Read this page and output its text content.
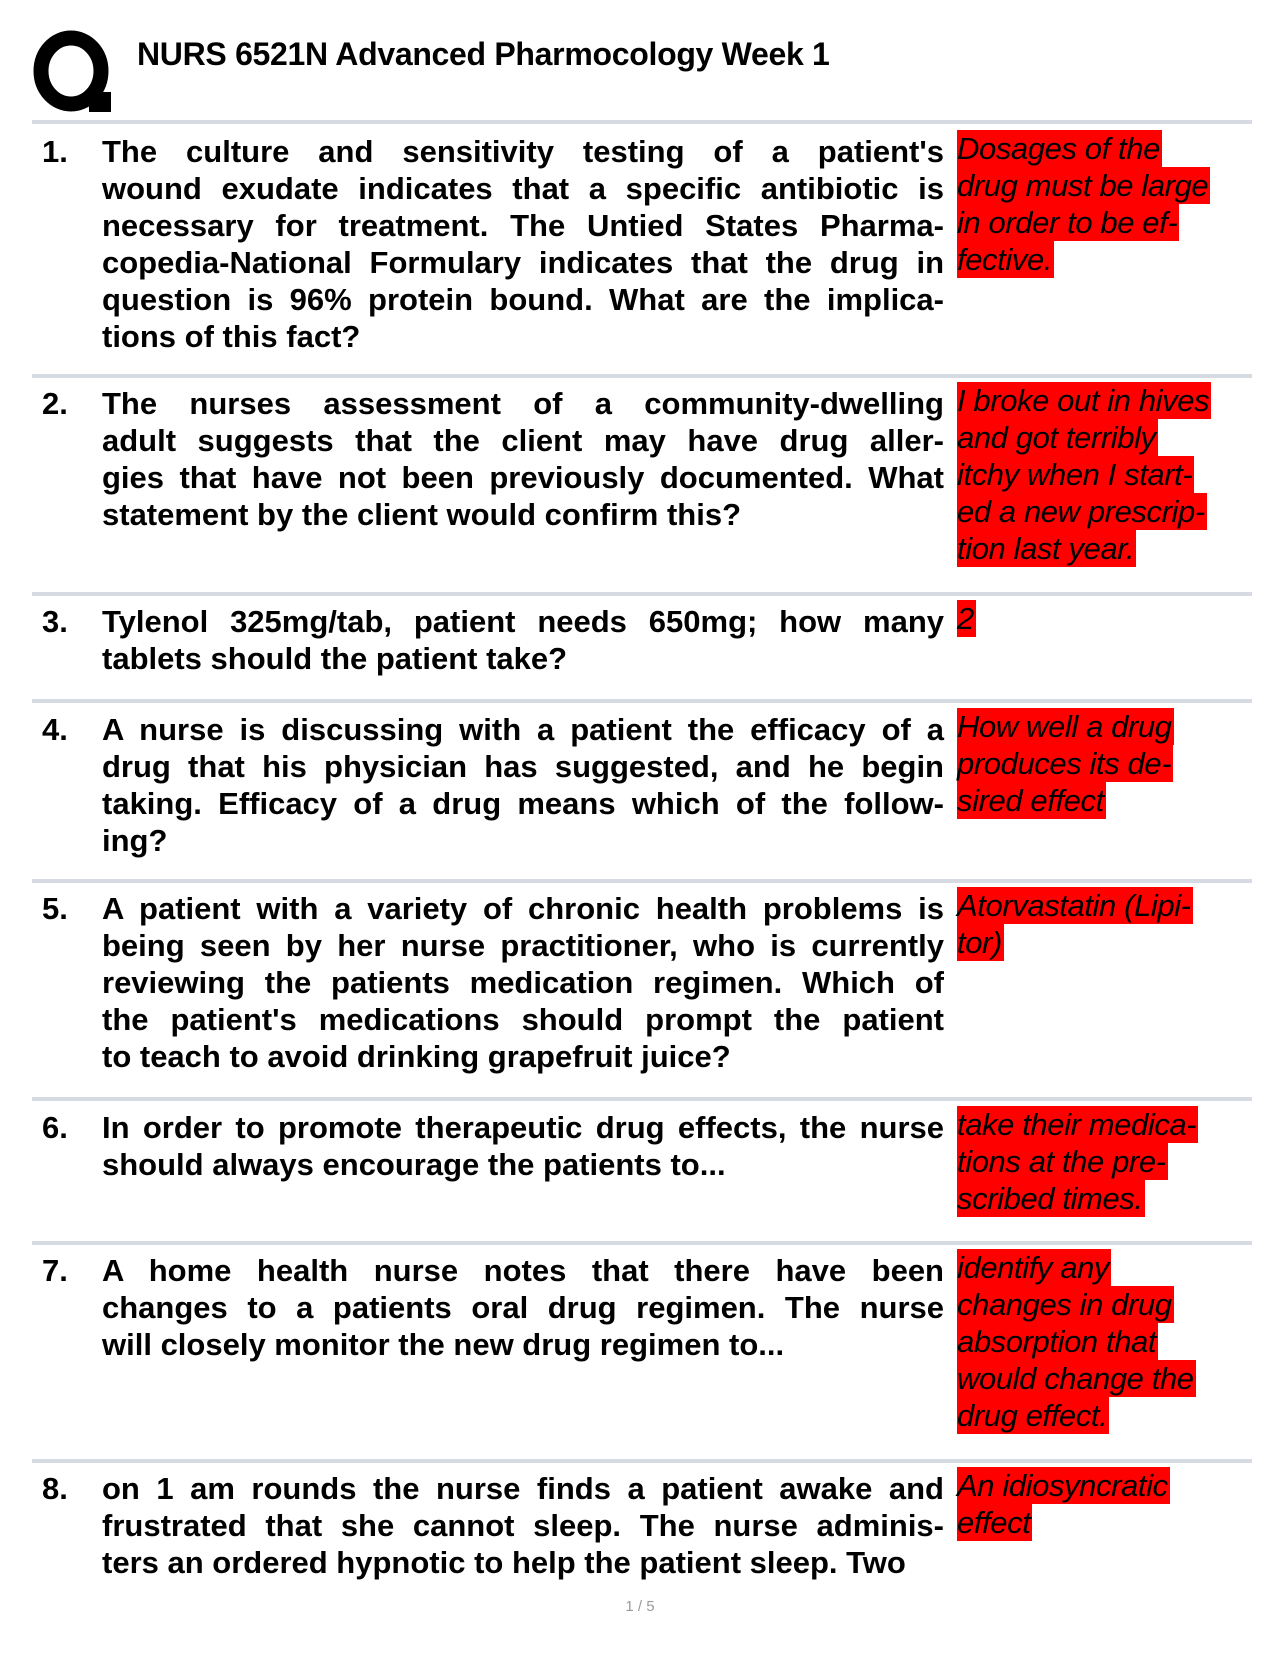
NURS 6521N Advanced Pharmocology Week 1
1. The culture and sensitivity testing of a patient's
wound exudate indicates that a specific antibiotic is
necessary for treatment. The Untied States Pharma-
copedia-National Formulary indicates that the drug in
question is 96% protein bound. What are the implica-
tions of this fact?
Dosages of the
drug must be large
in order to be ef-
fective.
2. The nurses assessment of a community-dwelling
adult suggests that the client may have drug aller-
gies that have not been previously documented. What
statement by the client would confirm this?
I broke out in hives
and got terribly
itchy when I start-
ed a new prescrip-
tion last year.
3. Tylenol 325mg/tab, patient needs 650mg; how many
tablets should the patient take?
2
4. A nurse is discussing with a patient the efficacy of a
drug that his physician has suggested, and he begin
taking. Efficacy of a drug means which of the follow-
ing?
How well a drug
produces its de-
sired effect
5. A patient with a variety of chronic health problems is
being seen by her nurse practitioner, who is currently
reviewing the patients medication regimen. Which of
the patient's medications should prompt the patient
to teach to avoid drinking grapefruit juice?
Atorvastatin (Lipi-
tor)
6. In order to promote therapeutic drug effects, the nurse
should always encourage the patients to...
take their medica-
tions at the pre-
scribed times.
7. A home health nurse notes that there have been
changes to a patients oral drug regimen. The nurse
will closely monitor the new drug regimen to...
identify any
changes in drug
absorption that
would change the
drug effect.
8. on 1 am rounds the nurse finds a patient awake and
frustrated that she cannot sleep. The nurse adminis-
ters an ordered hypnotic to help the patient sleep. Two
An idiosyncratic
effect
1 / 5
